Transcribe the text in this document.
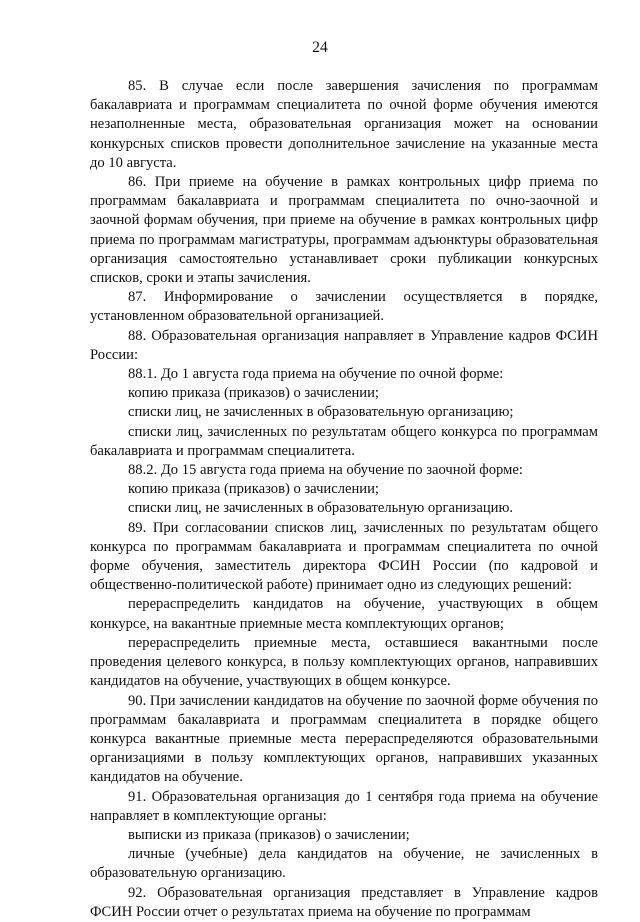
24

85. В случае если после завершения зачисления по программам бакалавриата и программам специалитета по очной форме обучения имеются незаполненные места, образовательная организация может на основании конкурсных списков провести дополнительное зачисление на указанные места до 10 августа.

86. При приеме на обучение в рамках контрольных цифр приема по программам бакалавриата и программам специалитета по очно-заочной и заочной формам обучения, при приеме на обучение в рамках контрольных цифр приема по программам магистратуры, программам адъюнктуры образовательная организация самостоятельно устанавливает сроки публикации конкурсных списков, сроки и этапы зачисления.

87. Информирование о зачислении осуществляется в порядке, установленном образовательной организацией.

88. Образовательная организация направляет в Управление кадров ФСИН России:

88.1. До 1 августа года приема на обучение по очной форме:

копию приказа (приказов) о зачислении;

списки лиц, не зачисленных в образовательную организацию;

списки лиц, зачисленных по результатам общего конкурса по программам бакалавриата и программам специалитета.

88.2. До 15 августа года приема на обучение по заочной форме:

копию приказа (приказов) о зачислении;

списки лиц, не зачисленных в образовательную организацию.

89. При согласовании списков лиц, зачисленных по результатам общего конкурса по программам бакалавриата и программам специалитета по очной форме обучения, заместитель директора ФСИН России (по кадровой и общественно-политической работе) принимает одно из следующих решений:

перераспределить кандидатов на обучение, участвующих в общем конкурсе, на вакантные приемные места комплектующих органов;

перераспределить приемные места, оставшиеся вакантными после проведения целевого конкурса, в пользу комплектующих органов, направивших кандидатов на обучение, участвующих в общем конкурсе.

90. При зачислении кандидатов на обучение по заочной форме обучения по программам бакалавриата и программам специалитета в порядке общего конкурса вакантные приемные места перераспределяются образовательными организациями в пользу комплектующих органов, направивших указанных кандидатов на обучение.

91. Образовательная организация до 1 сентября года приема на обучение направляет в комплектующие органы:

выписки из приказа (приказов) о зачислении;

личные (учебные) дела кандидатов на обучение, не зачисленных в образовательную организацию.

92. Образовательная организация представляет в Управление кадров ФСИН России отчет о результатах приема на обучение по программам
